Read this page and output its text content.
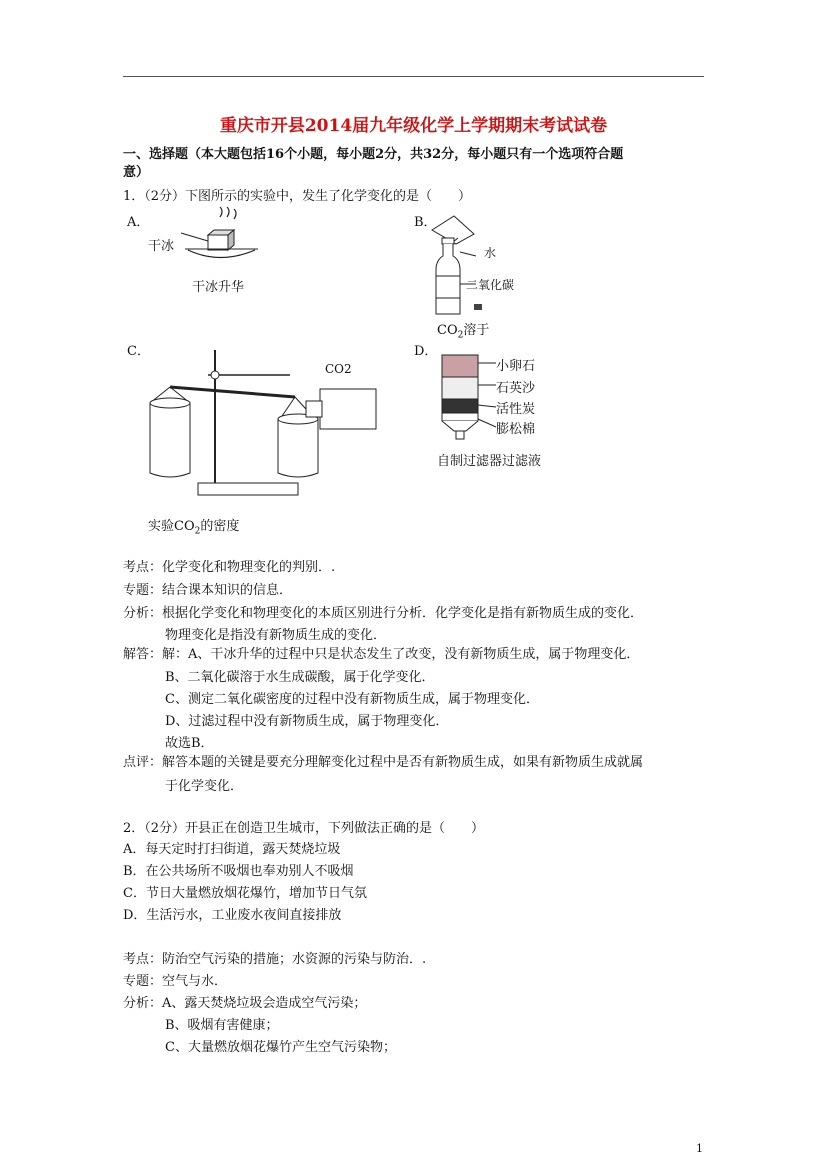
重庆市开县2014届九年级化学上学期期末考试试卷
一、选择题（本大题包括16个小题，每小题2分，共32分，每小题只有一个选项符合题
意）
1．（2分）下图所示的实验中，发生了化学变化的是（　　）
A．
干冰
干冰升华
B．
水
二氧化碳
$CO_2$溶于
C．
CO2
实验$CO_2$的密度
D．
小卵石
石英沙
活性炭
膨松棉
自制过滤器过滤液
考点：化学变化和物理变化的判别．.
专题：结合课本知识的信息．
分析：根据化学变化和物理变化的本质区别进行分析．化学变化是指有新物质生成的变化．
物理变化是指没有新物质生成的变化．
解答：解：A、干冰升华的过程中只是状态发生了改变，没有新物质生成，属于物理变化．
B、二氧化碳溶于水生成碳酸，属于化学变化．
C、测定二氧化碳密度的过程中没有新物质生成，属于物理变化．
D、过滤过程中没有新物质生成，属于物理变化．
故选B．
点评：解答本题的关键是要充分理解变化过程中是否有新物质生成，如果有新物质生成就属
于化学变化．
2．（2分）开县正在创造卫生城市，下列做法正确的是（　　）
A．每天定时打扫街道，露天焚烧垃圾
B．在公共场所不吸烟也奉劝别人不吸烟
C．节日大量燃放烟花爆竹，增加节日气氛
D．生活污水，工业废水夜间直接排放
考点：防治空气污染的措施；水资源的污染与防治．.
专题：空气与水．
分析：A、露天焚烧垃圾会造成空气污染；
B、吸烟有害健康；
C、大量燃放烟花爆竹产生空气污染物；
1
